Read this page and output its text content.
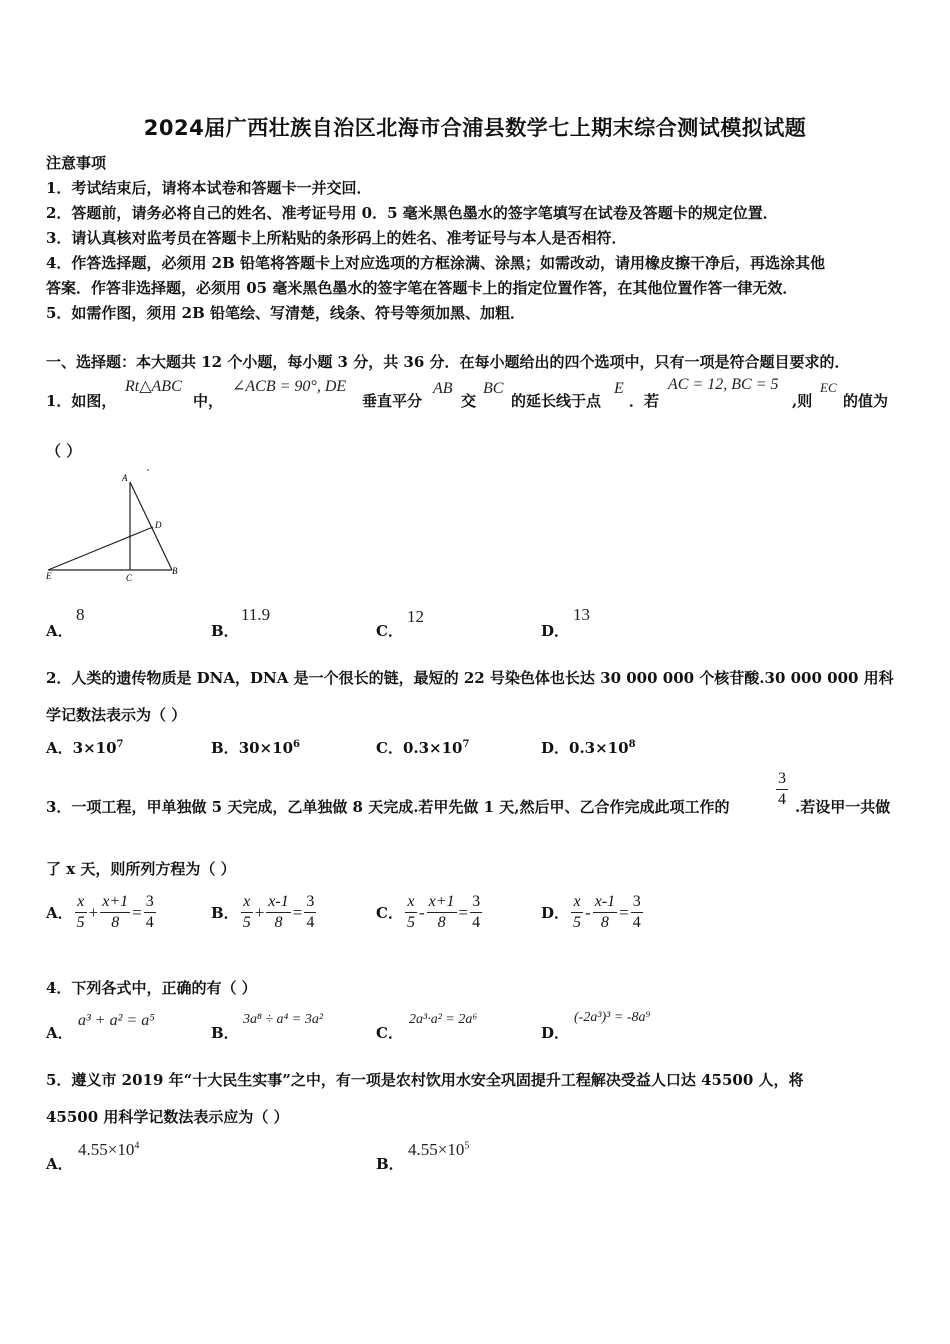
2024届广西壮族自治区北海市合浦县数学七上期末综合测试模拟试题
注意事项
1．考试结束后，请将本试卷和答题卡一并交回．
2．答题前，请务必将自己的姓名、准考证号用 0．5 毫米黑色墨水的签字笔填写在试卷及答题卡的规定位置．
3．请认真核对监考员在答题卡上所粘贴的条形码上的姓名、准考证号与本人是否相符．
4．作答选择题，必须用 2B 铅笔将答题卡上对应选项的方框涂满、涂黑；如需改动，请用橡皮擦干净后，再选涂其他
答案．作答非选择题，必须用 05 毫米黑色墨水的签字笔在答题卡上的指定位置作答，在其他位置作答一律无效．
5．如需作图，须用 2B 铅笔绘、写清楚，线条、符号等须加黑、加粗．
一、选择题：本大题共 12 个小题，每小题 3 分，共 36 分．在每小题给出的四个选项中，只有一项是符合题目要求的．
1．如图，
Rt△ABC
中，
∠ACB = 90°, DE
垂直平分
AB
交
BC
的延长线于点
E
．若
AC = 12, BC = 5
,则
EC
的值为
（ ）
A
D
B
C
E
A．
8
B．
11.9
C．
12
D．
13
2．人类的遗传物质是 DNA，DNA 是一个很长的链，最短的 22 号染色体也长达 30 000 000 个核苷酸.30 000 000 用科
学记数法表示为（ ）
A．$3\times 10^7$	B．$30\times 10^6$	C．$0.3\times 10^7$	D．$0.3\times 10^8$
3．一项工程，甲单独做 5 天完成，乙单独做 8 天完成.若甲先做 1 天,然后甲、乙合作完成此项工作的	$\frac{3}{4}$ .若设甲一共做
了 x 天，则所列方程为（ ）
A． $\frac{x}{5} + \frac{x+1}{8} = \frac{3}{4}$	B． $\frac{x}{5} + \frac{x-1}{8} = \frac{3}{4}$	C． $\frac{x}{5} - \frac{x+1}{8} = \frac{3}{4}$	D． $\frac{x}{5} - \frac{x-1}{8} = \frac{3}{4}$
4．下列各式中，正确的有（ ）
A．
a³ + a² = a⁵
B．
3a⁸ ÷ a⁴ = 3a²
C．
2a³·a² = 2a⁶
D．
(-2a³)³ = -8a⁹
5．遵义市 2019 年“十大民生实事”之中，有一项是农村饮用水安全巩固提升工程解决受益人口达 45500 人，将
45500 用科学记数法表示应为（ ）
A．
$4.55\times 10^4$
B．
$4.55\times 10^5$
